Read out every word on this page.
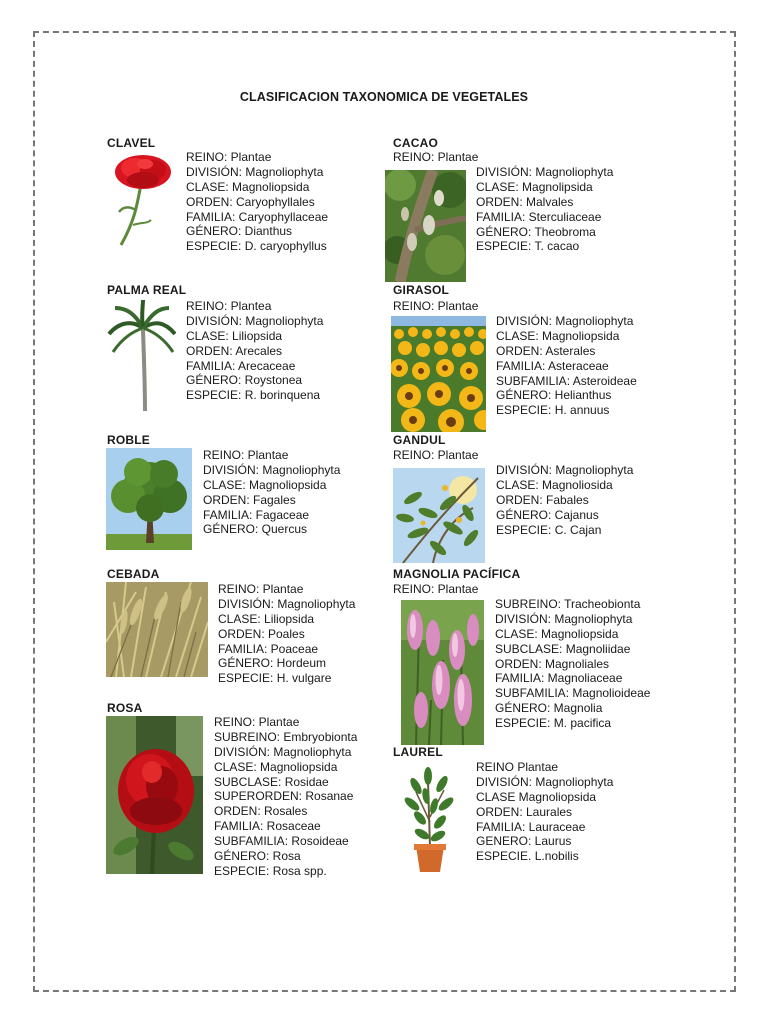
CLASIFICACION TAXONOMICA DE VEGETALES
CLAVEL
REINO: Plantae
DIVISIÓN: Magnoliophyta
CLASE: Magnoliopsida
ORDEN: Caryophyllales
FAMILIA: Caryophyllaceae
GÉNERO: Dianthus
ESPECIE: D. caryophyllus
CACAO
REINO: Plantae
DIVISIÓN: Magnoliophyta
CLASE: Magnolipsida
ORDEN: Malvales
FAMILIA: Sterculiaceae
GÉNERO: Theobroma
ESPECIE: T. cacao
PALMA REAL
REINO: Plantea
DIVISIÓN: Magnoliophyta
CLASE: Liliopsida
ORDEN: Arecales
FAMILIA: Arecaceae
GÉNERO: Roystonea
ESPECIE: R. borinquena
GIRASOL
REINO: Plantae
DIVISIÓN: Magnoliophyta
CLASE: Magnoliopsida
ORDEN: Asterales
FAMILIA: Asteraceae
SUBFAMILIA: Asteroideae
GÉNERO: Helianthus
ESPECIE: H. annuus
ROBLE
REINO: Plantae
DIVISIÓN: Magnoliophyta
CLASE: Magnoliopsida
ORDEN: Fagales
FAMILIA: Fagaceae
GÉNERO: Quercus
GANDUL
REINO: Plantae
DIVISIÓN: Magnoliophyta
CLASE: Magnoliosida
ORDEN: Fabales
GÉNERO: Cajanus
ESPECIE: C. Cajan
CEBADA
REINO: Plantae
DIVISIÓN: Magnoliophyta
CLASE: Liliopsida
ORDEN: Poales
FAMILIA: Poaceae
GÉNERO: Hordeum
ESPECIE: H. vulgare
MAGNOLIA PACÍFICA
REINO: Plantae
SUBREINO: Tracheobionta
DIVISIÓN: Magnoliophyta
CLASE: Magnoliopsida
SUBCLASE: Magnoliidae
ORDEN: Magnoliales
FAMILIA: Magnoliaceae
SUBFAMILIA: Magnolioideae
GÉNERO: Magnolia
ESPECIE: M. pacifica
ROSA
REINO: Plantae
SUBREINO: Embryobionta
DIVISIÓN: Magnoliophyta
CLASE: Magnoliopsida
SUBCLASE: Rosidae
SUPERORDEN: Rosanae
ORDEN: Rosales
FAMILIA: Rosaceae
SUBFAMILIA: Rosoideae
GÉNERO: Rosa
ESPECIE: Rosa spp.
LAUREL
REINO Plantae
DIVISIÓN: Magnoliophyta
CLASE Magnoliopsida
ORDEN: Laurales
FAMILIA: Lauraceae
GENERO: Laurus
ESPECIE. L.nobilis
